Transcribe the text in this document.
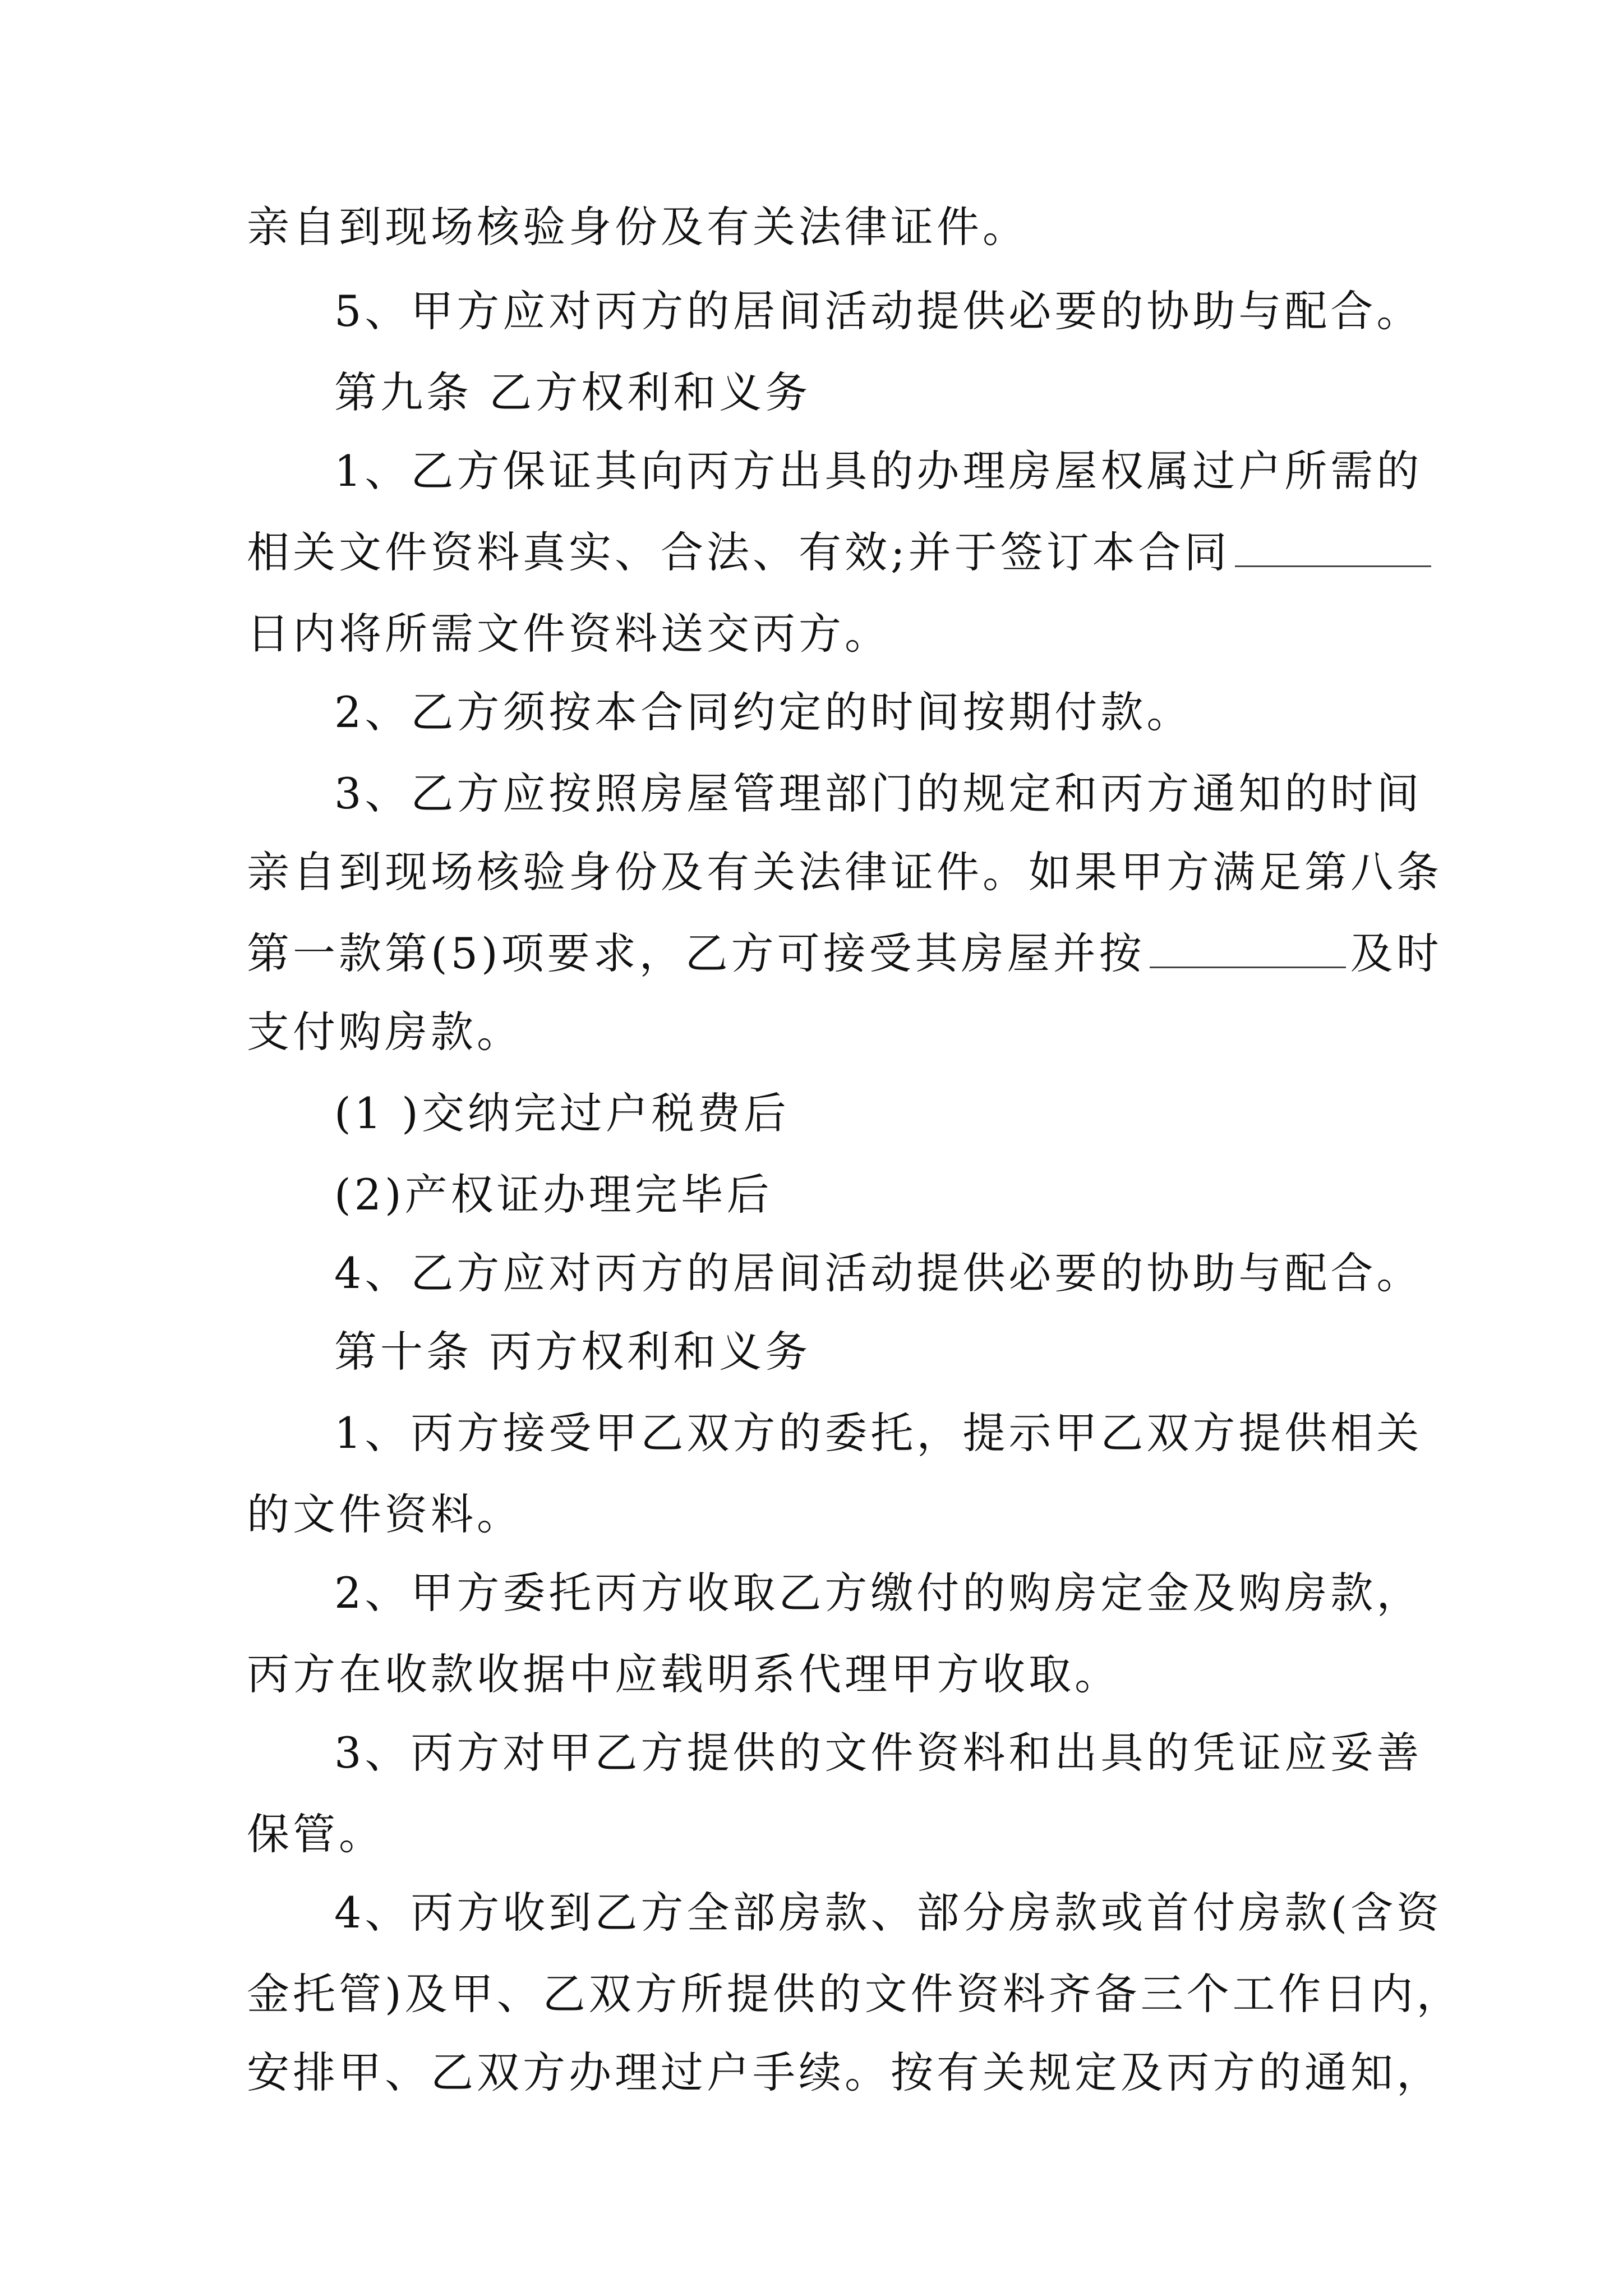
亲自到现场核验身份及有关法律证件。
5、甲方应对丙方的居间活动提供必要的协助与配合。
第九条 乙方权利和义务
1、乙方保证其向丙方出具的办理房屋权属过户所需的
相关文件资料真实、合法、有效;并于签订本合同
日内将所需文件资料送交丙方。
2、乙方须按本合同约定的时间按期付款。
3、乙方应按照房屋管理部门的规定和丙方通知的时间
亲自到现场核验身份及有关法律证件。如果甲方满足第八条
第一款第(5)项要求，乙方可接受其房屋并按	及时
支付购房款。
(1 )交纳完过户税费后
(2)产权证办理完毕后
4、乙方应对丙方的居间活动提供必要的协助与配合。
第十条 丙方权利和义务
1、丙方接受甲乙双方的委托，提示甲乙双方提供相关
的文件资料。
2、甲方委托丙方收取乙方缴付的购房定金及购房款，
丙方在收款收据中应载明系代理甲方收取。
3、丙方对甲乙方提供的文件资料和出具的凭证应妥善
保管。
4、丙方收到乙方全部房款、部分房款或首付房款(含资
金托管)及甲、乙双方所提供的文件资料齐备三个工作日内，
安排甲、乙双方办理过户手续。按有关规定及丙方的通知，
